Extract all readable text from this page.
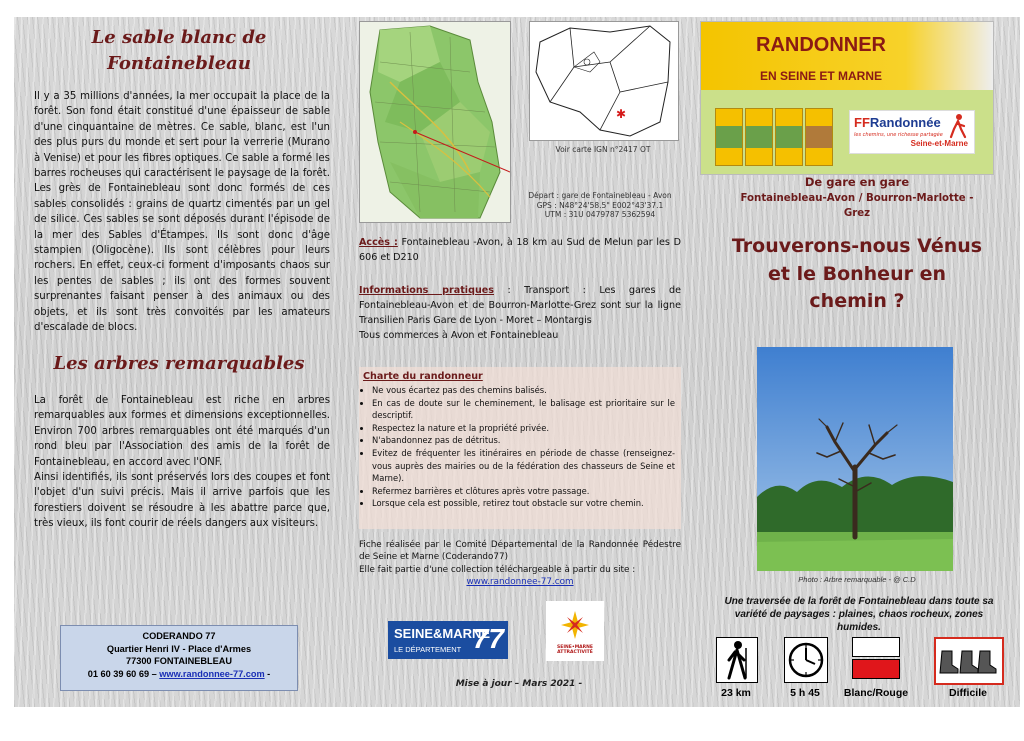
Le sable blanc de
Fontainebleau

Il y a 35 millions d'années, la mer occupait la place de la forêt. Son fond était constitué d'une épaisseur de sable d'une cinquantaine de mètres. Ce sable, blanc, est l'un des plus purs du monde et sert pour la verrerie (Murano à Venise) et pour les fibres optiques. Ce sable a formé les barres rocheuses qui caractérisent le paysage de la forêt. Les grès de Fontainebleau sont donc formés de ces sables consolidés : grains de quartz cimentés par un gel de silice. Ces sables se sont déposés durant l'épisode de la mer des Sables d'Étampes. Ils sont donc d'âge stampien (Oligocène). Ils sont célèbres pour leurs rochers. En effet, ceux-ci forment d'imposants chaos sur les pentes de sables ; ils ont des formes souvent surprenantes faisant penser à des animaux ou des objets, et ils sont très convoités par les amateurs d'escalade de blocs.

Les arbres remarquables

La forêt de Fontainebleau est riche en arbres remarquables aux formes et dimensions exceptionnelles. Environ 700 arbres remarquables ont été marqués d'un rond bleu par l'Association des amis de la forêt de Fontainebleau, en accord avec l'ONF.

Ainsi identifiés, ils sont préservés lors des coupes et font l'objet d'un suivi précis. Mais il arrive parfois que les forestiers doivent se résoudre à les abattre parce que, très vieux, ils font courir de réels dangers aux visiteurs.

CODERANDO 77
Quartier Henri IV - Place d'Armes
77300 FONTAINEBLEAU
01 60 39 60 69 – www.randonnee-77.com -
✱
Voir carte IGN n°2417 OT
Départ : gare de Fontainebleau - Avon
GPS : N48°24'58.5" E002°43'37.1
UTM : 31U 0479787 5362594
Accès : Fontainebleau -Avon, à 18 km au Sud de Melun par les D 606 et D210
Informations pratiques : Transport : Les gares de Fontainebleau-Avon et de Bourron-Marlotte-Grez sont sur la ligne Transilien Paris Gare de Lyon - Moret – Montargis
Tous commerces à Avon et Fontainebleau
Charte du randonneur
• Ne vous écartez pas des chemins balisés.
• En cas de doute sur le cheminement, le balisage est prioritaire sur le descriptif.
• Respectez la nature et la propriété privée.
• N'abandonnez pas de détritus.
• Evitez de fréquenter les itinéraires en période de chasse (renseignez-vous auprès des mairies ou de la fédération des chasseurs de Seine et Marne).
• Refermez barrières et clôtures après votre passage.
• Lorsque cela est possible, retirez tout obstacle sur votre chemin.
Fiche réalisée par le Comité Départemental de la Randonnée Pédestre de Seine et Marne (Coderando77)
Elle fait partie d'une collection téléchargeable à partir du site :
www.randonnee-77.com
SEINE&MARNE
LE DÉPARTEMENT 77	SEINE•MARNE ATTRACTIVITÉ
Mise à jour – Mars 2021 -
RANDONNER
EN SEINE ET MARNE
FFRandonnée
les chemins, une richesse partagée
Seine-et-Marne
De gare en gare
Fontainebleau-Avon / Bourron-Marlotte -
Grez
Trouverons-nous Vénus
et le Bonheur en
chemin ?
Photo : Arbre remarquable - @ C.D
Une traversée de la forêt de Fontainebleau dans toute sa variété de paysages : plaines, chaos rocheux, zones humides.
23 km	5 h 45	Blanc/Rouge	Difficile
